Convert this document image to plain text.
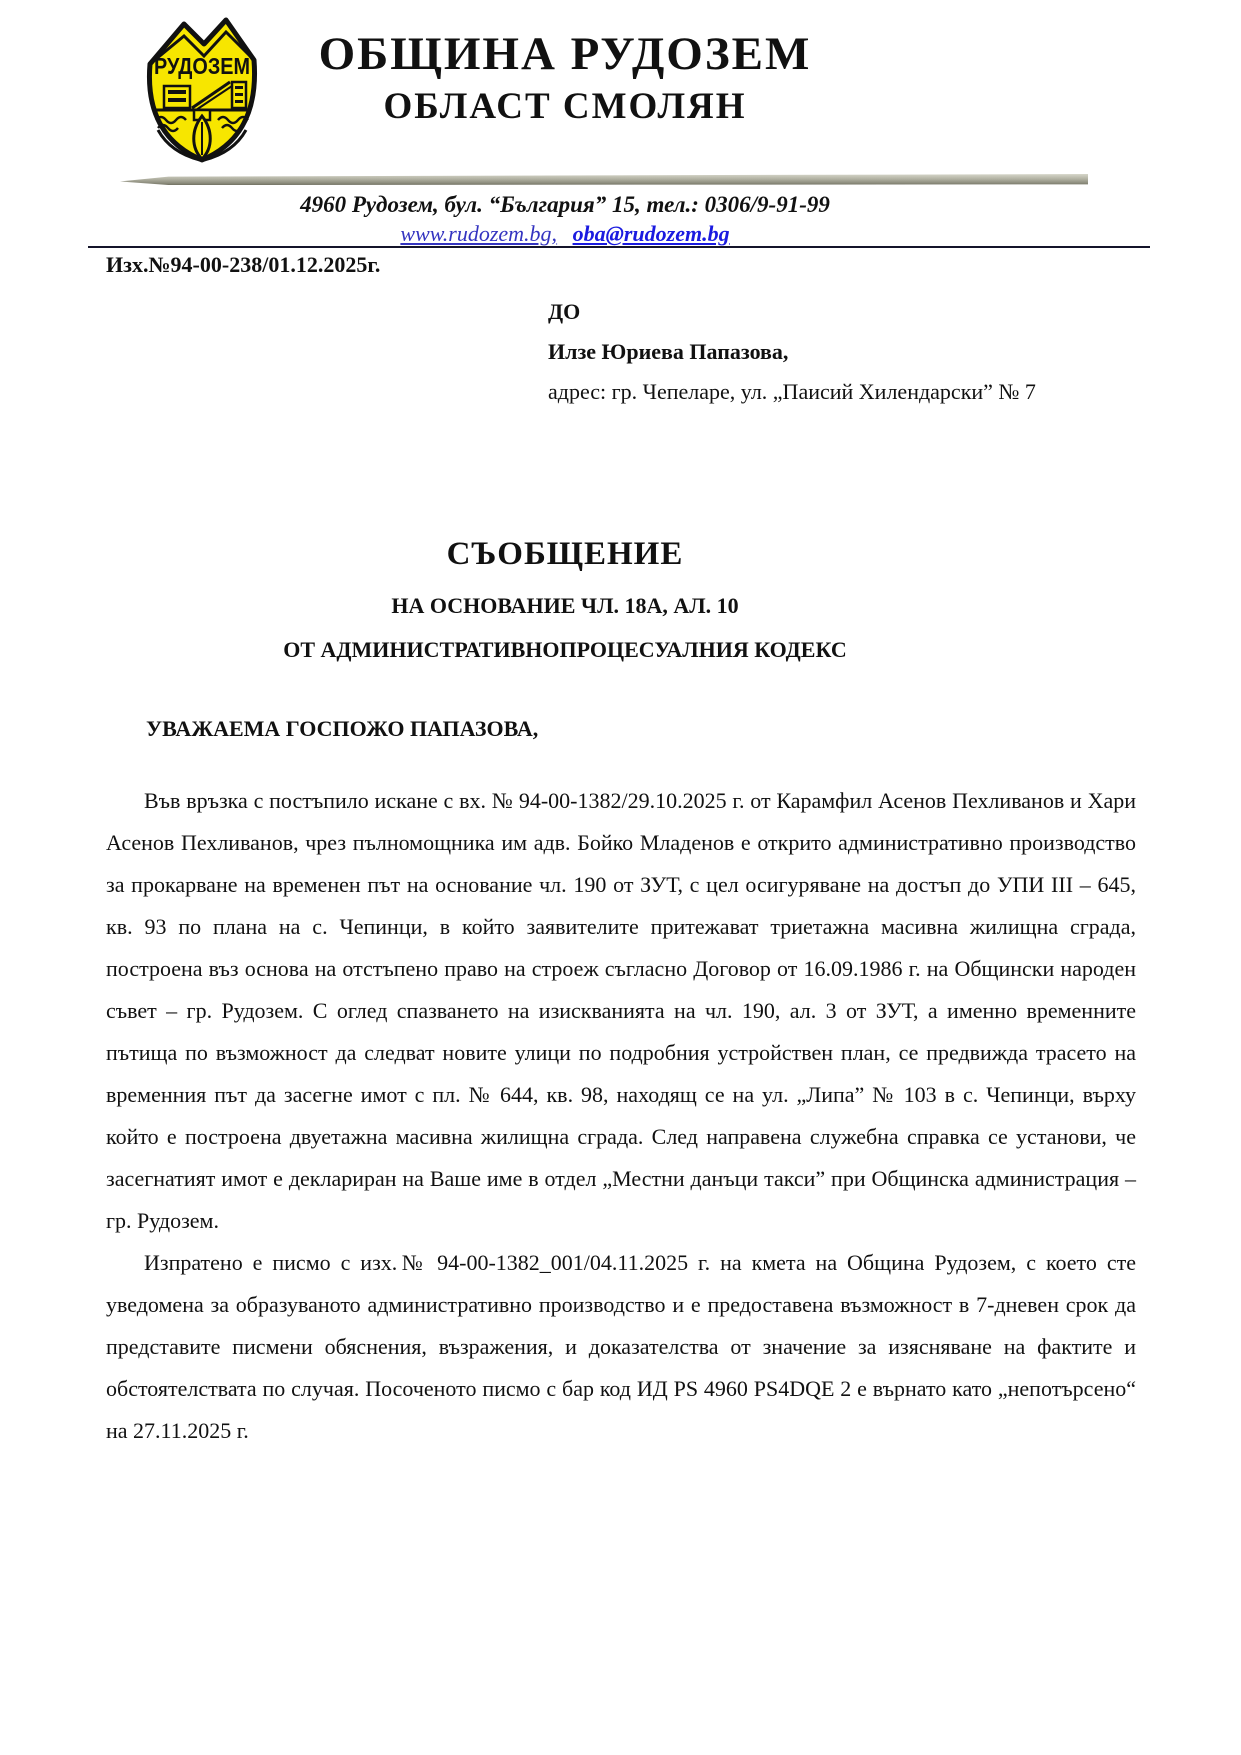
РУДОЗЕМ	ОБЩИНА РУДОЗЕМ
ОБЛАСТ СМОЛЯН
4960 Рудозем, бул. “България” 15, тел.: 0306/9-91-99
www.rudozem.bg, oba@rudozem.bg
Изх.№94-00-238/01.12.2025г.
ДО
Илзе Юриева Папазова,
адрес: гр. Чепеларе, ул. „Паисий Хилендарски” № 7
СЪОБЩЕНИЕ
НА ОСНОВАНИЕ ЧЛ. 18А, АЛ. 10
ОТ АДМИНИСТРАТИВНОПРОЦЕСУАЛНИЯ КОДЕКС
УВАЖАЕМА ГОСПОЖО ПАПАЗОВА,

Във връзка с постъпило искане с вх. № 94-00-1382/29.10.2025 г. от Карамфил Асенов Пехливанов и Хари Асенов Пехливанов, чрез пълномощника им адв. Бойко Младенов е открито административно производство за прокарване на временен път на основание чл. 190 от ЗУТ, с цел осигуряване на достъп до УПИ III – 645, кв. 93 по плана на с. Чепинци, в който заявителите притежават триетажна масивна жилищна сграда, построена въз основа на отстъпено право на строеж съгласно Договор от 16.09.1986 г. на Общински народен съвет – гр. Рудозем. С оглед спазването на изискванията на чл. 190, ал. 3 от ЗУТ, а именно временните пътища по възможност да следват новите улици по подробния устройствен план, се предвижда трасето на временния път да засегне имот с пл. № 644, кв. 98, находящ се на ул. „Липа” № 103 в с. Чепинци, върху който е построена двуетажна масивна жилищна сграда. След направена служебна справка се установи, че засегнатият имот е деклариран на Ваше име в отдел „Местни данъци такси” при Общинска администрация – гр. Рудозем.

Изпратено е писмо с изх.№ 94-00-1382_001/04.11.2025 г. на кмета на Община Рудозем, с което сте уведомена за образуваното административно производство и е предоставена възможност в 7-дневен срок да представите писмени обяснения, възражения, и доказателства от значение за изясняване на фактите и обстоятелствата по случая. Посоченото писмо с бар код ИД PS 4960 PS4DQE 2 е върнато като „непотърсено“ на 27.11.2025 г.
